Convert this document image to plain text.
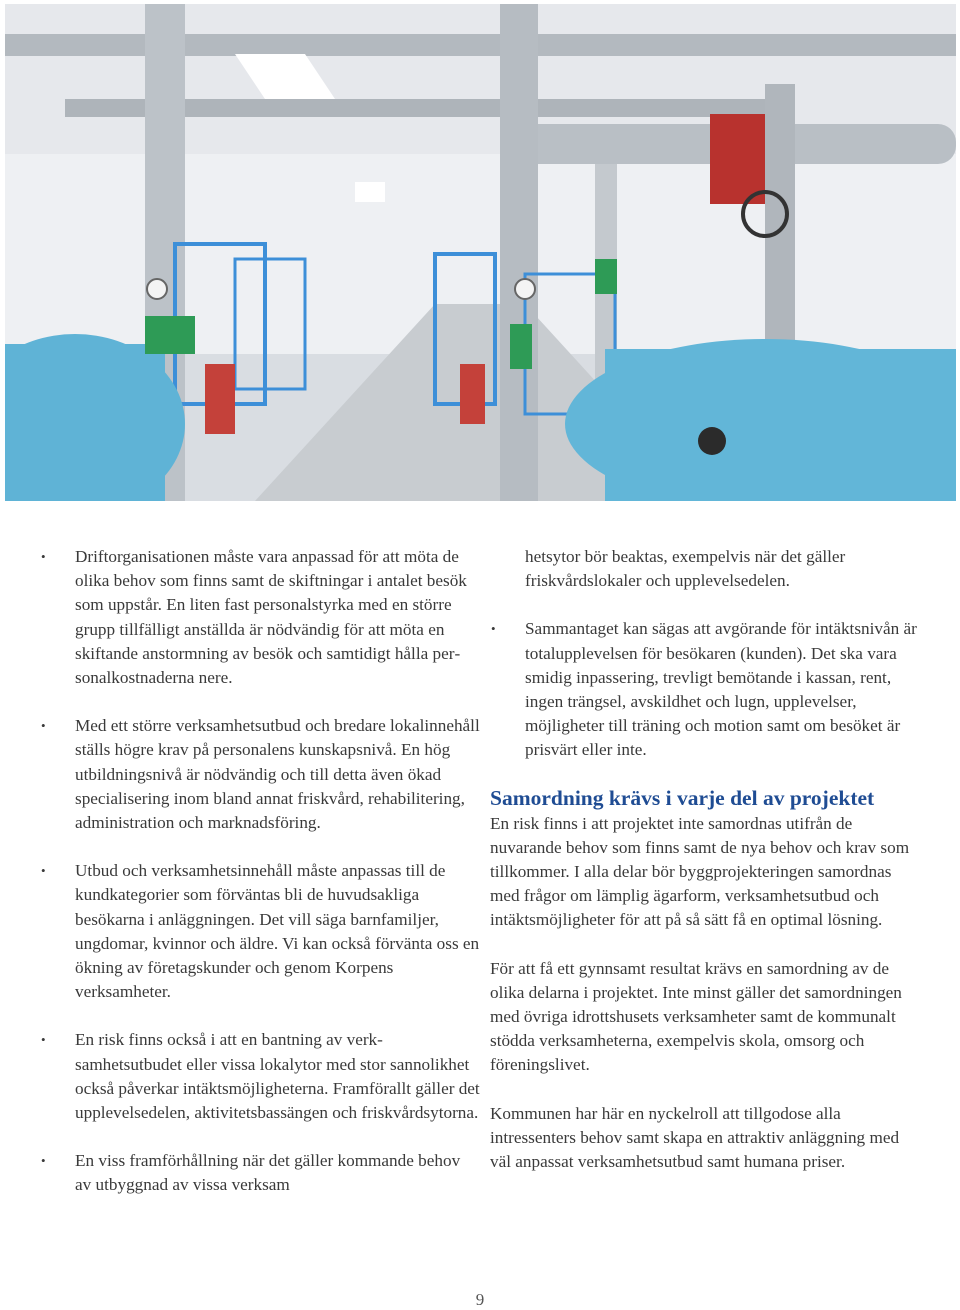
• Driftorganisationen måste vara anpassad för att möta de olika behov som finns samt de skiftningar i antalet besök som uppstår. En liten fast personalstyrka med en större grupp tillfälligt anställda är nödvändig för att möta en skiftande anstormning av besök och samtidigt hålla personalkostnaderna nere.

• Med ett större verksamhetsutbud och bredare lokalinnehåll ställs högre krav på personalens kunskapsnivå. En hög utbildningsnivå är nödvändig och till detta även ökad specialisering inom bland annat friskvård, rehabilitering, administration och marknadsföring.

• Utbud och verksamhetsinnehåll måste anpassas till de kundkategorier som förväntas bli de huvudsakliga besökarna i anläggningen. Det vill säga barnfamiljer, ungdomar, kvinnor och äldre. Vi kan också förvänta oss en ökning av företagskunder och genom Korpens verksamheter.

• En risk finns också i att en bantning av verksamhetsutbudet eller vissa lokalytor med stor sannolikhet också påverkar intäktsmöjligheterna. Framförallt gäller det upplevelsedelen, aktivitetsbassängen och friskvårdsytorna.

• En viss framförhållning när det gäller kommande behov av utbyggnad av vissa verksam

hetsytor bör beaktas, exempelvis när det gäller friskvårdslokaler och upplevelsedelen.

• Sammantaget kan sägas att avgörande för intäktsnivån är totalupplevelsen för besökaren (kunden). Det ska vara smidig inpassering, trevligt bemötande i kassan, rent, ingen trängsel, avskildhet och lugn, upplevelser, möjligheter till träning och motion samt om besöket är prisvärt eller inte.

Samordning krävs i varje del av projektet

En risk finns i att projektet inte samordnas utifrån de nuvarande behov som finns samt de nya behov och krav som tillkommer. I alla delar bör byggprojekteringen samordnas med frågor om lämplig ägarform, verksamhetsutbud och intäktsmöjligheter för att på så sätt få en optimal lösning.

För att få ett gynnsamt resultat krävs en samordning av de olika delarna i projektet. Inte minst gäller det samordningen med övriga idrottshusets verksamheter samt de kommunalt stödda verksamheterna, exempelvis skola, omsorg och föreningslivet.

Kommunen har här en nyckelroll att tillgodose alla intressenters behov samt skapa en attraktiv anläggning med väl anpassat verksamhetsutbud samt humana priser.

9
